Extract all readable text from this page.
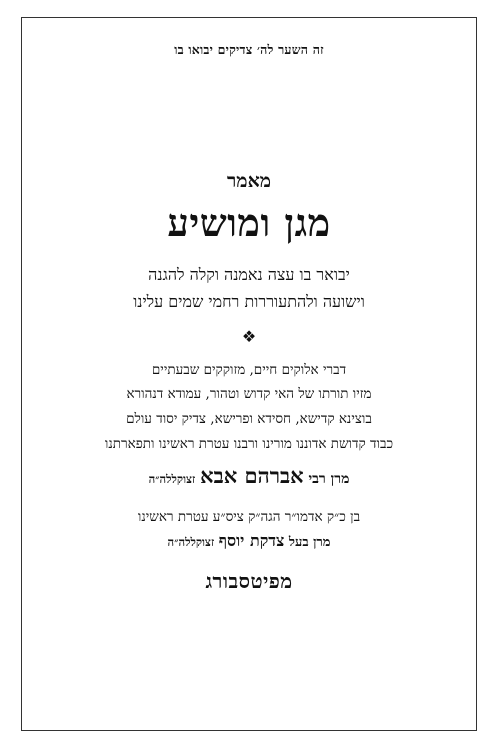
זה השער לה׳ צדיקים יבואו בו

מאמר

מגן ומושיע

יבואר בו עצה נאמנה וקלה להגנה

וישועה ולהתעוררות רחמי שמים עלינו

❖

דברי אלוקים חיים, מזוקקים שבעתיים

מזיו תורתו של האי קדוש וטהור, עמודא דנהורא

בוצינא קדישא, חסידא ופרישא, צדיק יסוד עולם

כבוד קדושת אדוננו מורינו ורבנו עטרת ראשינו ותפארתנו

מרן רבי אברהם אבא זצוקללה״ה

בן כ״ק אדמו״ר הגה״ק ציס״ע עטרת ראשינו

מרן בעל צדקת יוסף זצוקללה״ה

מפיטסבורג
